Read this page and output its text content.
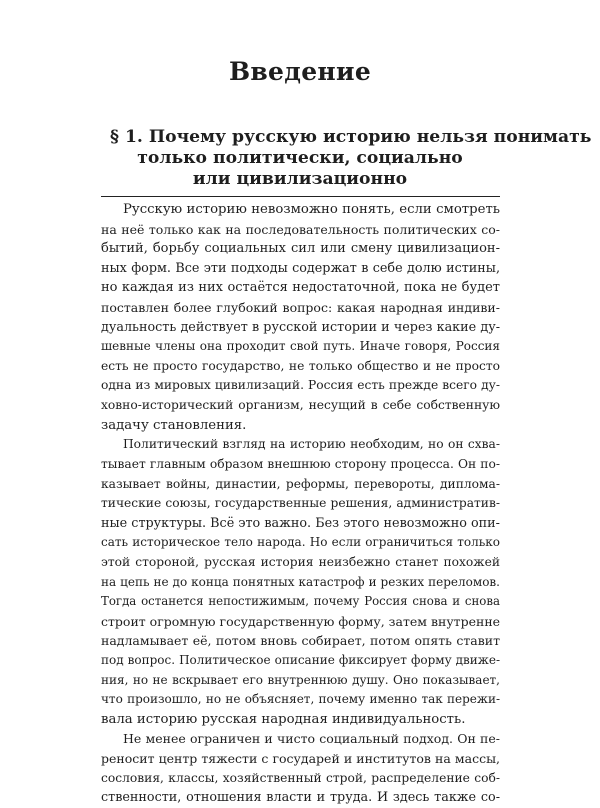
Введение
§ 1. Почему русскую историю нельзя понимать
только политически, социально
или цивилизационно
Русскую историю невозможно понять, если смотреть
на неё только как на последовательность политических со-
бытий, борьбу социальных сил или смену цивилизацион-
ных форм. Все эти подходы содержат в себе долю истины,
но каждая из них остаётся недостаточной, пока не будет
поставлен более глубокий вопрос: какая народная индиви-
дуальность действует в русской истории и через какие ду-
шевные члены она проходит свой путь. Иначе говоря, Россия
есть не просто государство, не только общество и не просто
одна из мировых цивилизаций. Россия есть прежде всего ду-
ховно-исторический организм, несущий в себе собственную
задачу становления.
Политический взгляд на историю необходим, но он схва-
тывает главным образом внешнюю сторону процесса. Он по-
казывает войны, династии, реформы, перевороты, диплома-
тические союзы, государственные решения, административ-
ные структуры. Всё это важно. Без этого невозможно опи-
сать историческое тело народа. Но если ограничиться только
этой стороной, русская история неизбежно станет похожей
на цепь не до конца понятных катастроф и резких переломов.
Тогда останется непостижимым, почему Россия снова и снова
строит огромную государственную форму, затем внутренне
надламывает её, потом вновь собирает, потом опять ставит
под вопрос. Политическое описание фиксирует форму движе-
ния, но не вскрывает его внутреннюю душу. Оно показывает,
что произошло, но не объясняет, почему именно так пережи-
вала историю русская народная индивидуальность.
Не менее ограничен и чисто социальный подход. Он пе-
реносит центр тяжести с государей и институтов на массы,
сословия, классы, хозяйственный строй, распределение соб-
ственности, отношения власти и труда. И здесь также со-
